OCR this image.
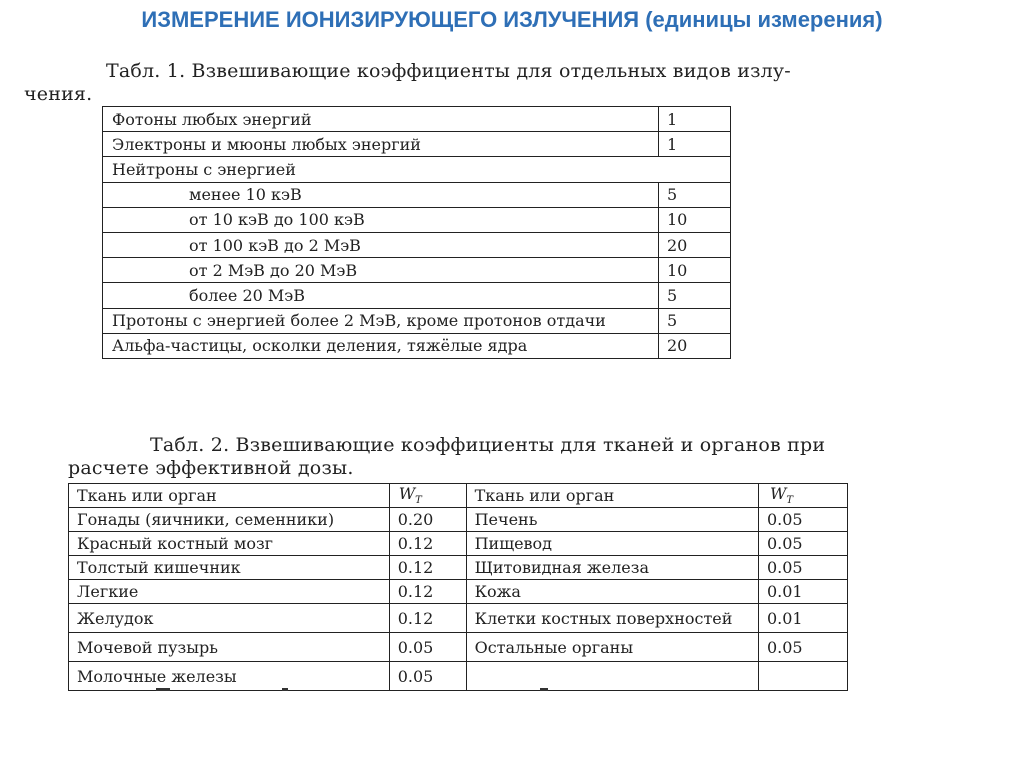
ИЗМЕРЕНИЕ ИОНИЗИРУЮЩЕГО ИЗЛУЧЕНИЯ (единицы измерения)
Табл. 1. Взвешивающие коэффициенты для отдельных видов излу-
чения.
Фотоны любых энергий	1
Электроны и мюоны любых энергий	1
Нейтроны с энергией	
менее 10 кэВ	5
от 10 кэВ до 100 кэВ	10
от 100 кэВ до 2 МэВ	20
от 2 МэВ до 20 МэВ	10
более 20 МэВ	5
Протоны с энергией более 2 МэВ, кроме протонов отдачи	5
Альфа-частицы, осколки деления, тяжёлые ядра	20
Табл. 2. Взвешивающие коэффициенты для тканей и органов при
расчете эффективной дозы.
Ткань или орган	$W_T$	Ткань или орган	$W_T$
Гонады (яичники, семенники)	0.20	Печень	0.05
Красный костный мозг	0.12	Пищевод	0.05
Толстый кишечник	0.12	Щитовидная железа	0.05
Легкие	0.12	Кожа	0.01
Желудок	0.12	Клетки костных поверхностей	0.01
Мочевой пузырь	0.05	Остальные органы	0.05
Молочные железы	0.05		
